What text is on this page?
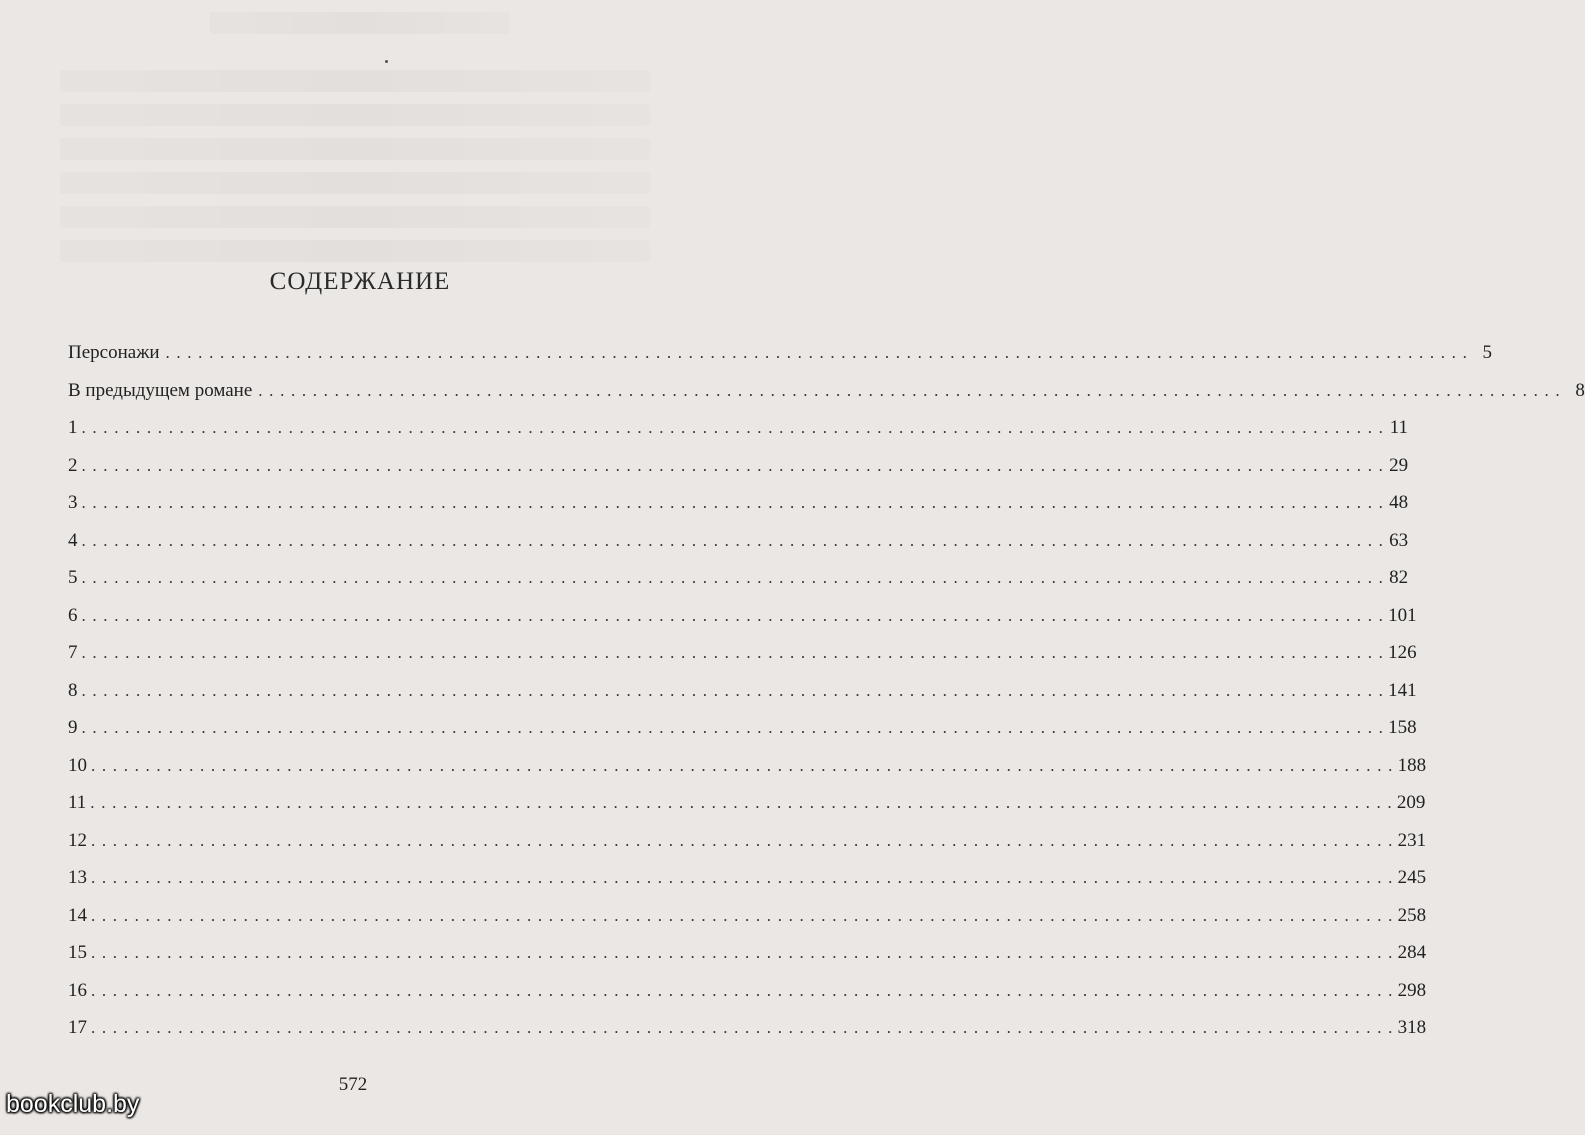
СОДЕРЖАНИЕ
Персонажи . . . . . . . . . . . . . . . . . . . . . . . . . . . . . . . . . . . . . . . . . . . . . . . . . . . . . . . . . . . . . . . . . . . . . . . . . . . . . . . . . . . . . . . . . . . . . . . . . . . . . . . . . . . . . . . . . . . . . . . . 5
В предыдущем романе . . . . . . . . . . . . . . . . . . . . . . . . . . . . . . . . . . . . . . . . . . . . . . . . . . . . . . . . . . . . . . . . . . . . . . . . . . . . . . . . . . . . . . . . . . . . . . . . . . . . . . . . . . . . . . . . . . . . . . . . 8
1 . . . . . . . . . . . . . . . . . . . . . . . . . . . . . . . . . . . . . . . . . . . . . . . . . . . . . . . . . . . . . . . . . . . . . . . . . . . . . . . . . . . . . . . . . . . . . . . . . . . . . . . . . . . . . . . . . . . . . . . . 11
2 . . . . . . . . . . . . . . . . . . . . . . . . . . . . . . . . . . . . . . . . . . . . . . . . . . . . . . . . . . . . . . . . . . . . . . . . . . . . . . . . . . . . . . . . . . . . . . . . . . . . . . . . . . . . . . . . . . . . . . . . 29
3 . . . . . . . . . . . . . . . . . . . . . . . . . . . . . . . . . . . . . . . . . . . . . . . . . . . . . . . . . . . . . . . . . . . . . . . . . . . . . . . . . . . . . . . . . . . . . . . . . . . . . . . . . . . . . . . . . . . . . . . . 48
4 . . . . . . . . . . . . . . . . . . . . . . . . . . . . . . . . . . . . . . . . . . . . . . . . . . . . . . . . . . . . . . . . . . . . . . . . . . . . . . . . . . . . . . . . . . . . . . . . . . . . . . . . . . . . . . . . . . . . . . . . 63
5 . . . . . . . . . . . . . . . . . . . . . . . . . . . . . . . . . . . . . . . . . . . . . . . . . . . . . . . . . . . . . . . . . . . . . . . . . . . . . . . . . . . . . . . . . . . . . . . . . . . . . . . . . . . . . . . . . . . . . . . . 82
6 . . . . . . . . . . . . . . . . . . . . . . . . . . . . . . . . . . . . . . . . . . . . . . . . . . . . . . . . . . . . . . . . . . . . . . . . . . . . . . . . . . . . . . . . . . . . . . . . . . . . . . . . . . . . . . . . . . . . . . . . 101
7 . . . . . . . . . . . . . . . . . . . . . . . . . . . . . . . . . . . . . . . . . . . . . . . . . . . . . . . . . . . . . . . . . . . . . . . . . . . . . . . . . . . . . . . . . . . . . . . . . . . . . . . . . . . . . . . . . . . . . . . . 126
8 . . . . . . . . . . . . . . . . . . . . . . . . . . . . . . . . . . . . . . . . . . . . . . . . . . . . . . . . . . . . . . . . . . . . . . . . . . . . . . . . . . . . . . . . . . . . . . . . . . . . . . . . . . . . . . . . . . . . . . . . 141
9 . . . . . . . . . . . . . . . . . . . . . . . . . . . . . . . . . . . . . . . . . . . . . . . . . . . . . . . . . . . . . . . . . . . . . . . . . . . . . . . . . . . . . . . . . . . . . . . . . . . . . . . . . . . . . . . . . . . . . . . . 158
10 . . . . . . . . . . . . . . . . . . . . . . . . . . . . . . . . . . . . . . . . . . . . . . . . . . . . . . . . . . . . . . . . . . . . . . . . . . . . . . . . . . . . . . . . . . . . . . . . . . . . . . . . . . . . . . . . . . . . . . . . 188
11 . . . . . . . . . . . . . . . . . . . . . . . . . . . . . . . . . . . . . . . . . . . . . . . . . . . . . . . . . . . . . . . . . . . . . . . . . . . . . . . . . . . . . . . . . . . . . . . . . . . . . . . . . . . . . . . . . . . . . . . . 209
12 . . . . . . . . . . . . . . . . . . . . . . . . . . . . . . . . . . . . . . . . . . . . . . . . . . . . . . . . . . . . . . . . . . . . . . . . . . . . . . . . . . . . . . . . . . . . . . . . . . . . . . . . . . . . . . . . . . . . . . . . 231
13 . . . . . . . . . . . . . . . . . . . . . . . . . . . . . . . . . . . . . . . . . . . . . . . . . . . . . . . . . . . . . . . . . . . . . . . . . . . . . . . . . . . . . . . . . . . . . . . . . . . . . . . . . . . . . . . . . . . . . . . . 245
14 . . . . . . . . . . . . . . . . . . . . . . . . . . . . . . . . . . . . . . . . . . . . . . . . . . . . . . . . . . . . . . . . . . . . . . . . . . . . . . . . . . . . . . . . . . . . . . . . . . . . . . . . . . . . . . . . . . . . . . . . 258
15 . . . . . . . . . . . . . . . . . . . . . . . . . . . . . . . . . . . . . . . . . . . . . . . . . . . . . . . . . . . . . . . . . . . . . . . . . . . . . . . . . . . . . . . . . . . . . . . . . . . . . . . . . . . . . . . . . . . . . . . . 284
16 . . . . . . . . . . . . . . . . . . . . . . . . . . . . . . . . . . . . . . . . . . . . . . . . . . . . . . . . . . . . . . . . . . . . . . . . . . . . . . . . . . . . . . . . . . . . . . . . . . . . . . . . . . . . . . . . . . . . . . . . 298
17 . . . . . . . . . . . . . . . . . . . . . . . . . . . . . . . . . . . . . . . . . . . . . . . . . . . . . . . . . . . . . . . . . . . . . . . . . . . . . . . . . . . . . . . . . . . . . . . . . . . . . . . . . . . . . . . . . . . . . . . . 318
572
bookclub.by
